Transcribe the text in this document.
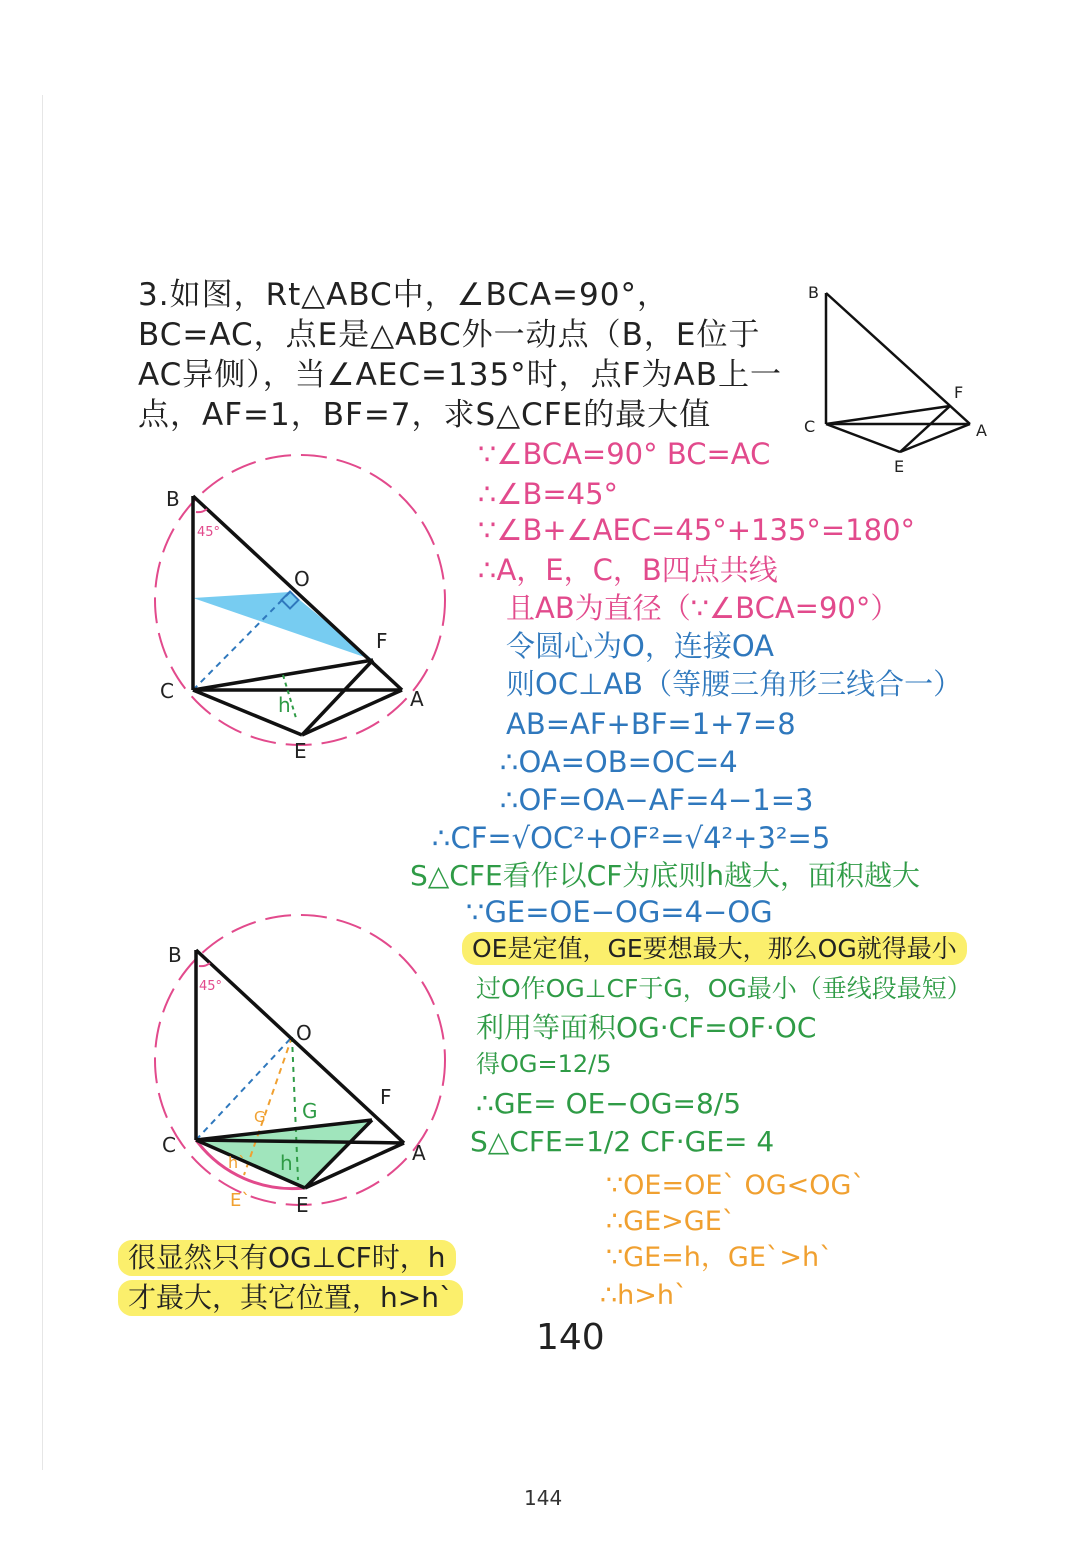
3.如图，Rt△ABC中，∠BCA=90°，
BC=AC，点E是△ABC外一动点（B，E位于
AC异侧），当∠AEC=135°时，点F为AB上一
点，AF=1，BF=7，求S△CFE的最大值
B
C	A
F
E
B
C	A
F
E
O
45°
h
B
C	A
F
E
O
G
45°
h
G
h`
E`
∵∠BCA=90° BC=AC
∴∠B=45°
∵∠B+∠AEC=45°+135°=180°
∴A，E，C，B四点共线
且AB为直径（∵∠BCA=90°）
令圆心为O，连接OA
则OC⊥AB（等腰三角形三线合一）
AB=AF+BF=1+7=8
∴OA=OB=OC=4
∴OF=OA−AF=4−1=3
∴CF=√OC²+OF²=√4²+3²=5
S△CFE看作以CF为底则h越大，面积越大
∵GE=OE−OG=4−OG
OE是定值，GE要想最大，那么OG就得最小
过O作OG⊥CF于G，OG最小（垂线段最短）
利用等面积OG·CF=OF·OC
得OG=12/5
∴GE= OE−OG=8/5
S△CFE=1/2 CF·GE= 4
∵OE=OE` OG<OG`
∴GE>GE`
∵GE=h，GE`>h`
∴h>h`
很显然只有OG⊥CF时，h
才最大，其它位置，h>h`
140
144
